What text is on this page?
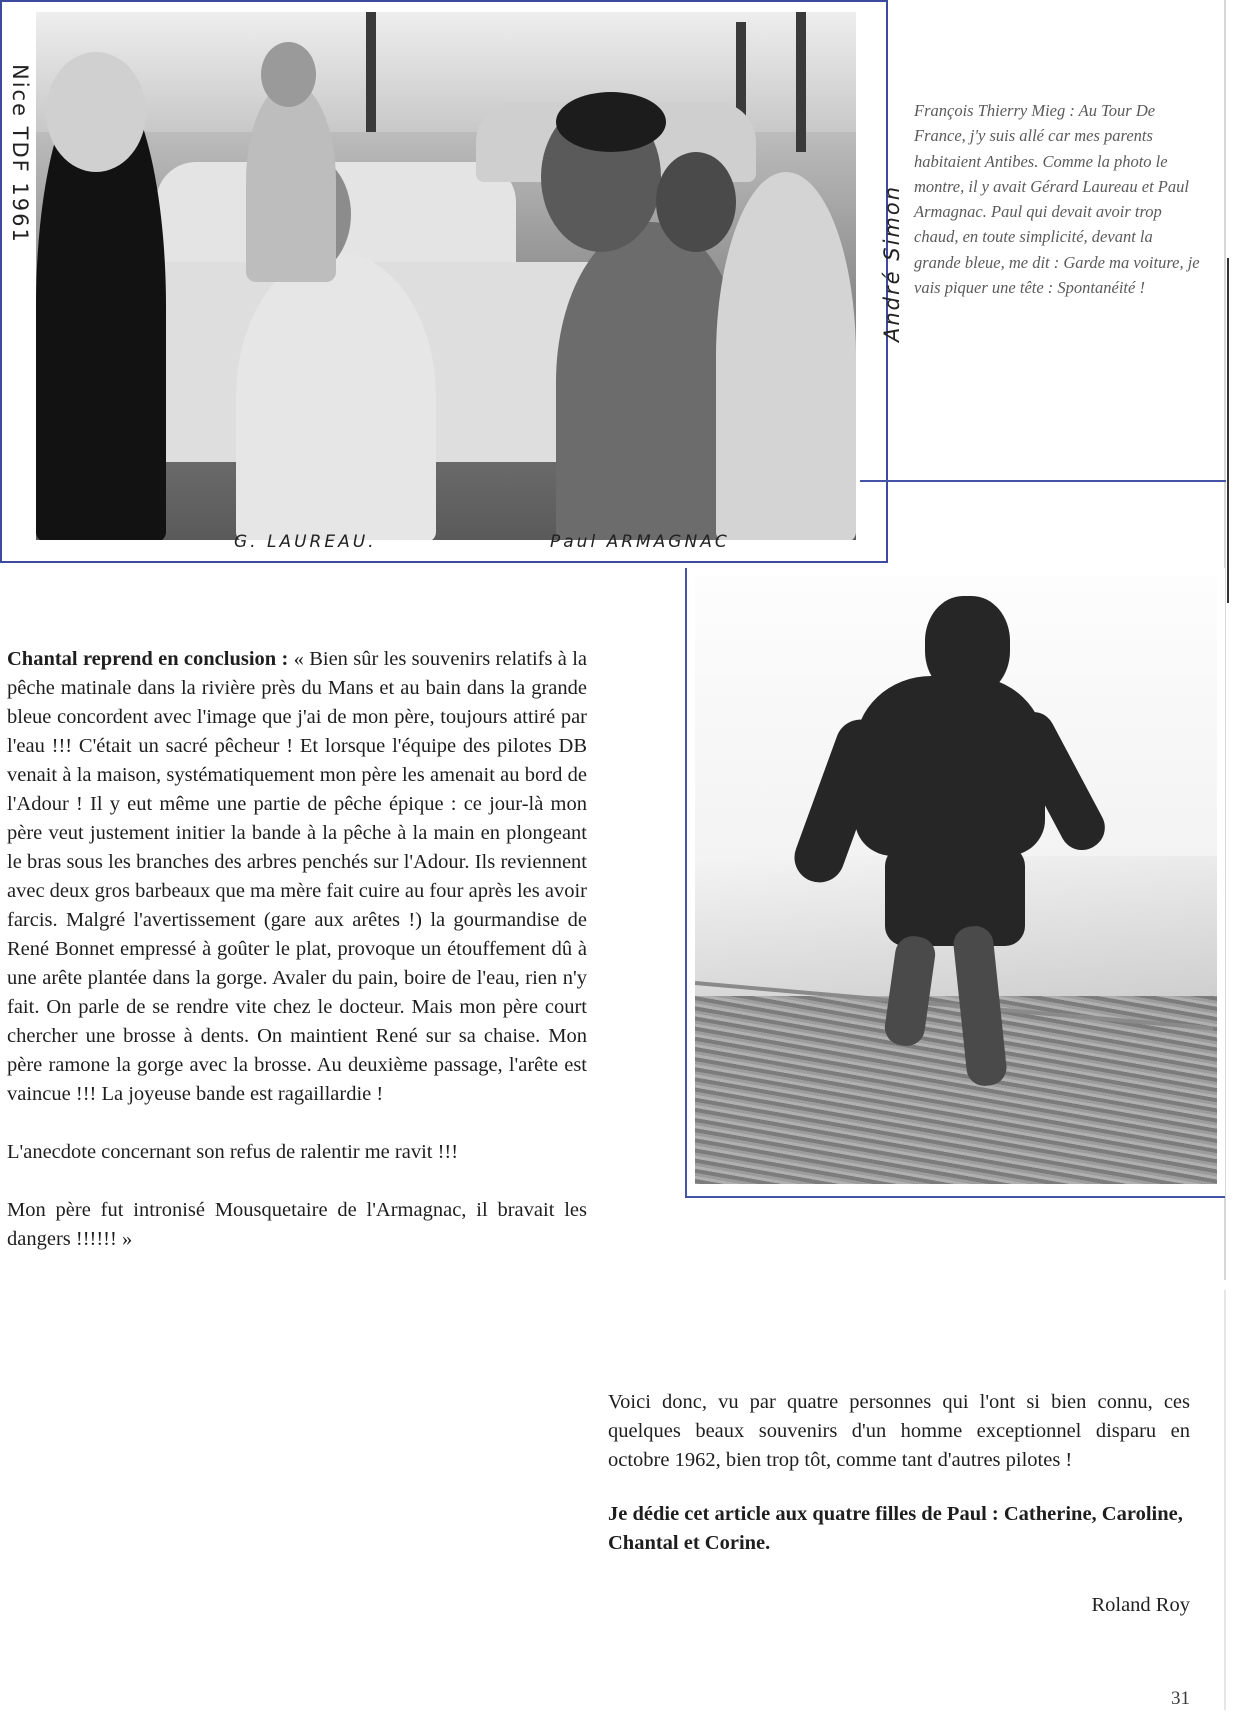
Nice TDF 1961
André Simon
G. LAUREAU.	Paul ARMAGNAC
François Thierry Mieg : Au Tour De France, j'y suis allé car mes parents habitaient Antibes. Comme la photo le montre, il y avait Gérard Laureau et Paul Armagnac. Paul qui devait avoir trop chaud, en toute simplicité, devant la grande bleue, me dit : Garde ma voiture, je vais piquer une tête : Spontanéité !

Chantal reprend en conclusion : « Bien sûr les souvenirs relatifs à la pêche matinale dans la rivière près du Mans et au bain dans la grande bleue concordent avec l'image que j'ai de mon père, toujours attiré par l'eau !!! C'était un sacré pêcheur ! Et lorsque l'équipe des pilotes DB venait à la maison, systématiquement mon père les amenait au bord de l'Adour ! Il y eut même une partie de pêche épique : ce jour-là mon père veut justement initier la bande à la pêche à la main en plongeant le bras sous les branches des arbres penchés sur l'Adour. Ils reviennent avec deux gros barbeaux que ma mère fait cuire au four après les avoir farcis. Malgré l'avertissement (gare aux arêtes !) la gourmandise de René Bonnet empressé à goûter le plat, provoque un étouffement dû à une arête plantée dans la gorge. Avaler du pain, boire de l'eau, rien n'y fait. On parle de se rendre vite chez le docteur. Mais mon père court chercher une brosse à dents. On maintient René sur sa chaise. Mon père ramone la gorge avec la brosse. Au deuxième passage, l'arête est vaincue !!! La joyeuse bande est ragaillardie !

L'anecdote concernant son refus de ralentir me ravit !!!

Mon père fut intronisé Mousquetaire de l'Armagnac, il bravait les dangers !!!!!! »

Voici donc, vu par quatre personnes qui l'ont si bien connu, ces quelques beaux souvenirs d'un homme exceptionnel disparu en octobre 1962, bien trop tôt, comme tant d'autres pilotes !

Je dédie cet article aux quatre filles de Paul : Catherine, Caroline, Chantal et Corine.

Roland Roy
31
